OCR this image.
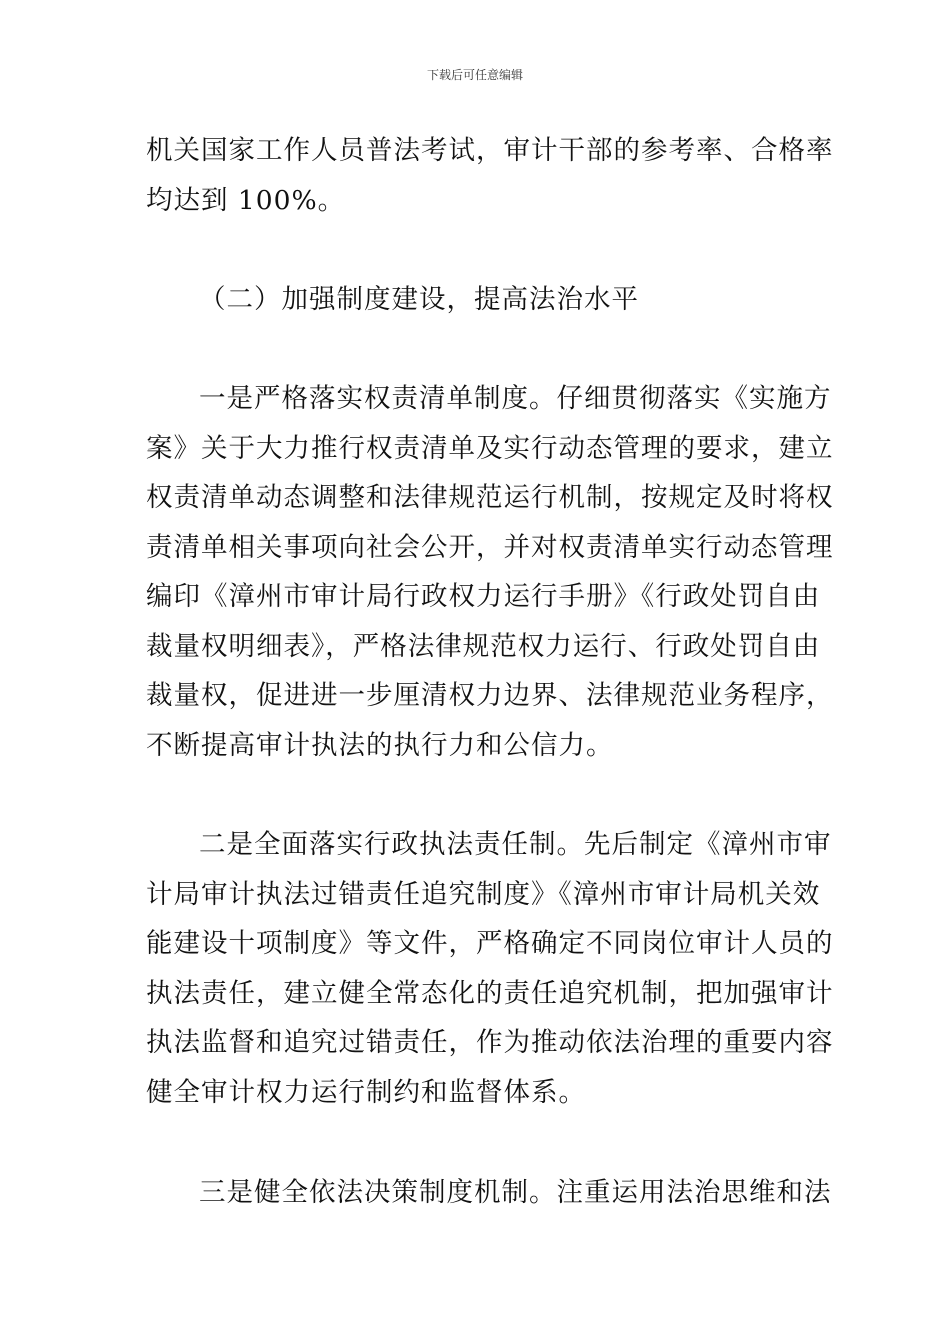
下载后可任意编辑
机关国家工作人员普法考试，审计干部的参考率、合格率
均达到 100%。
（二）加强制度建设，提高法治水平
一是严格落实权责清单制度。仔细贯彻落实《实施方
案》关于大力推行权责清单及实行动态管理的要求，建立
权责清单动态调整和法律规范运行机制，按规定及时将权
责清单相关事项向社会公开，并对权责清单实行动态管理
编印《漳州市审计局行政权力运行手册》《行政处罚自由
裁量权明细表》，严格法律规范权力运行、行政处罚自由
裁量权，促进进一步厘清权力边界、法律规范业务程序，
不断提高审计执法的执行力和公信力。
二是全面落实行政执法责任制。先后制定《漳州市审
计局审计执法过错责任追究制度》《漳州市审计局机关效
能建设十项制度》等文件，严格确定不同岗位审计人员的
执法责任，建立健全常态化的责任追究机制，把加强审计
执法监督和追究过错责任，作为推动依法治理的重要内容
健全审计权力运行制约和监督体系。
三是健全依法决策制度机制。注重运用法治思维和法
